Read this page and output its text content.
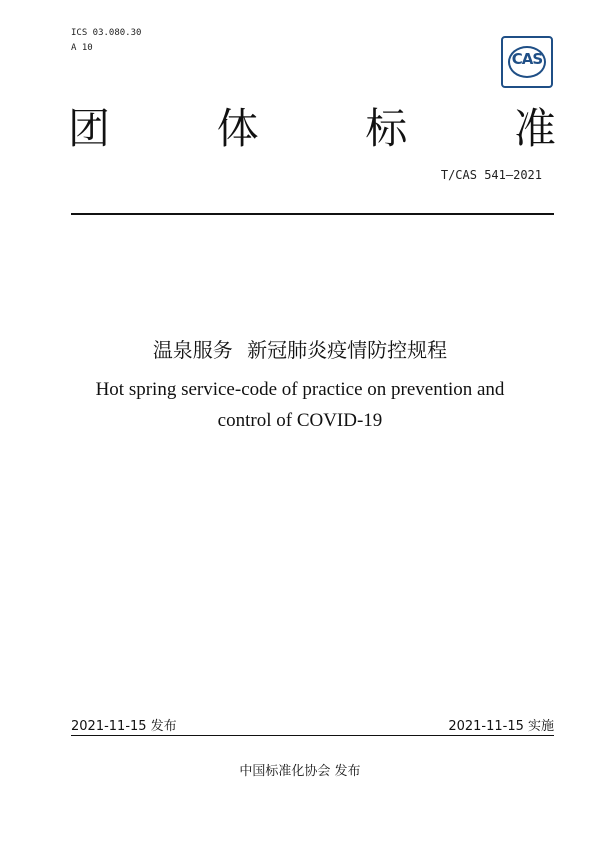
ICS 03.080.30
A 10
CAS
团	体	标	准
T/CAS 541—2021
温泉服务 新冠肺炎疫情防控规程
Hot spring service-code of practice on prevention and
control of COVID-19
2021-11-15 发布	2021-11-15 实施
中国标准化协会 发布
